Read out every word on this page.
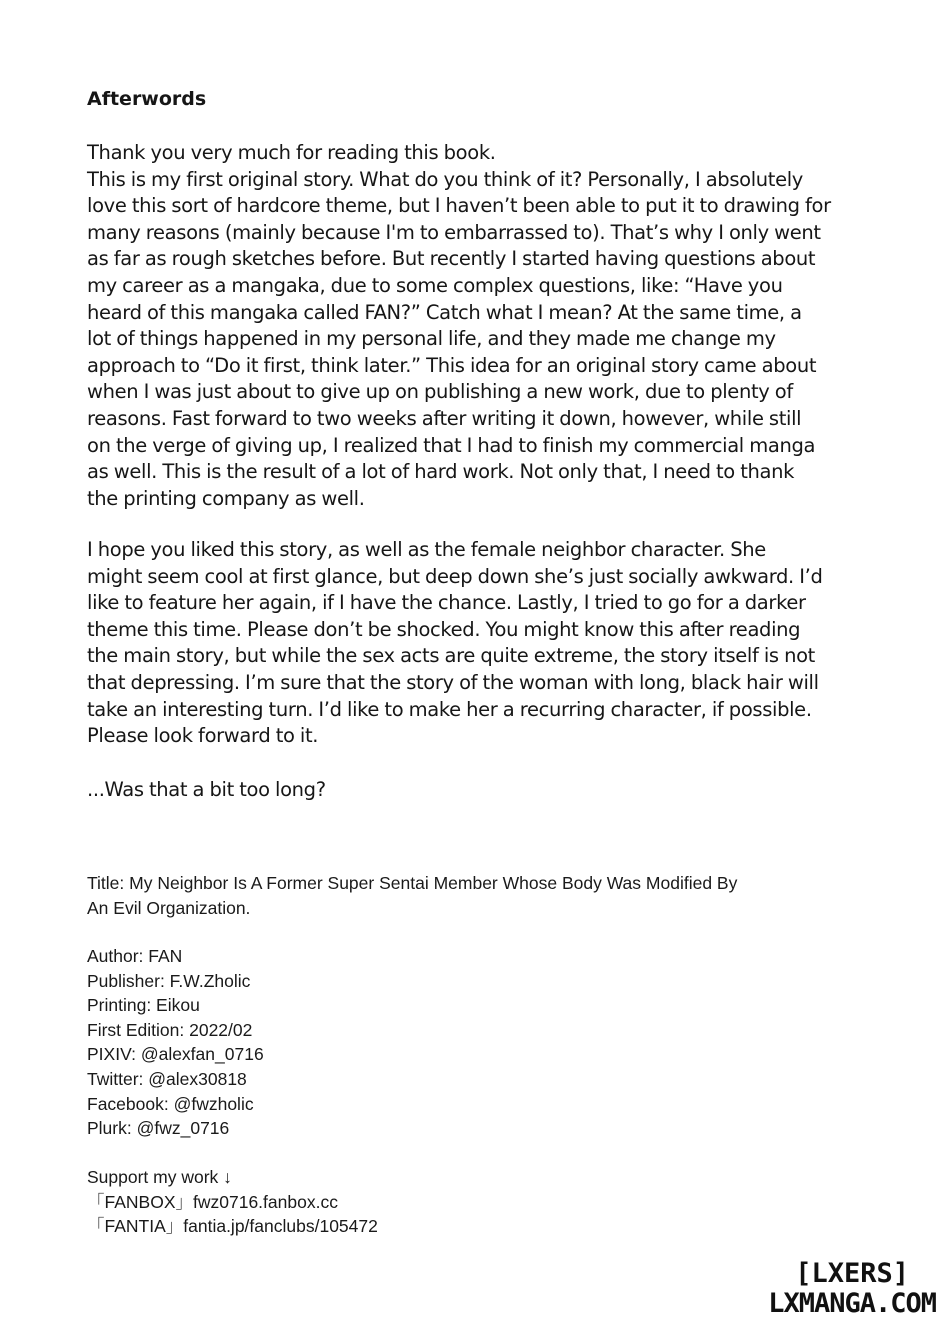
Afterwords

Thank you very much for reading this book.
This is my first original story. What do you think of it? Personally, I absolutely
love this sort of hardcore theme, but I haven’t been able to put it to drawing for
many reasons (mainly because I'm to embarrassed to). That’s why I only went
as far as rough sketches before. But recently I started having questions about
my career as a mangaka, due to some complex questions, like: “Have you
heard of this mangaka called FAN?” Catch what I mean? At the same time, a
lot of things happened in my personal life, and they made me change my
approach to “Do it first, think later.” This idea for an original story came about
when I was just about to give up on publishing a new work, due to plenty of
reasons. Fast forward to two weeks after writing it down, however, while still
on the verge of giving up, I realized that I had to finish my commercial manga
as well. This is the result of a lot of hard work. Not only that, I need to thank
the printing company as well.

I hope you liked this story, as well as the female neighbor character. She
might seem cool at first glance, but deep down she’s just socially awkward. I’d
like to feature her again, if I have the chance. Lastly, I tried to go for a darker
theme this time. Please don’t be shocked. You might know this after reading
the main story, but while the sex acts are quite extreme, the story itself is not
that depressing. I’m sure that the story of the woman with long, black hair will
take an interesting turn. I’d like to make her a recurring character, if possible.
Please look forward to it.

...Was that a bit too long?

Title: My Neighbor Is A Former Super Sentai Member Whose Body Was Modified By
An Evil Organization.
Author: FAN
Publisher: F.W.Zholic
Printing: Eikou
First Edition: 2022/02
PIXIV: @alexfan_0716
Twitter: @alex30818
Facebook: @fwzholic
Plurk: @fwz_0716
Support my work ↓
「FANBOX」fwz0716.fanbox.cc
「FANTIA」fantia.jp/fanclubs/105472
[LXERS]
LXMANGA.COM
